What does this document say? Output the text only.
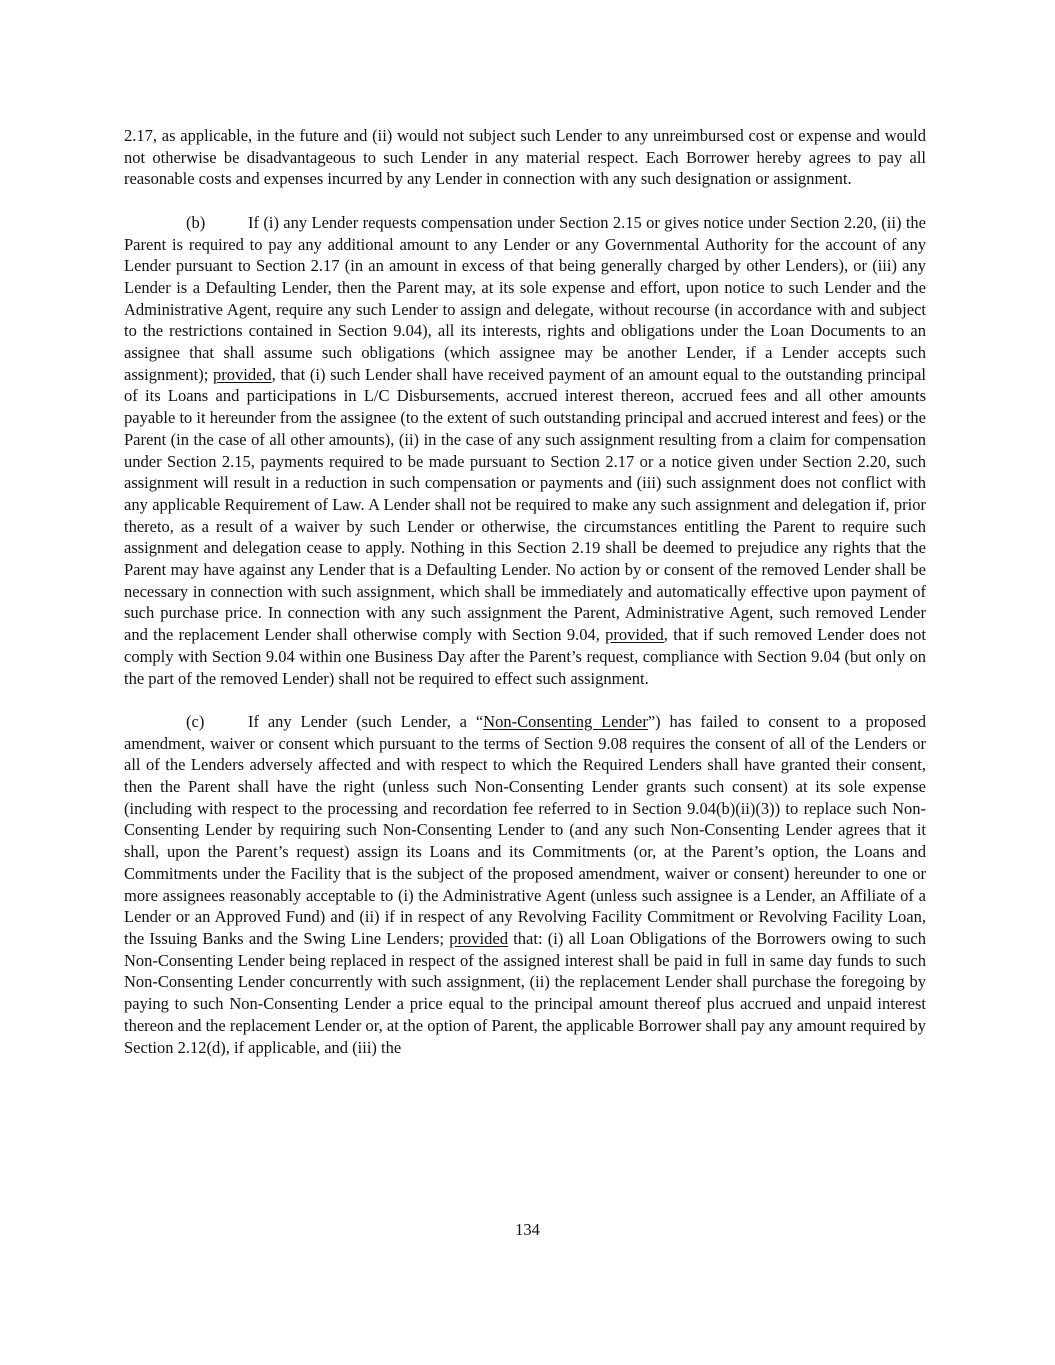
2.17, as applicable, in the future and (ii) would not subject such Lender to any unreimbursed cost or expense and would not otherwise be disadvantageous to such Lender in any material respect. Each Borrower hereby agrees to pay all reasonable costs and expenses incurred by any Lender in connection with any such designation or assignment.

(b)	If (i) any Lender requests compensation under Section 2.15 or gives notice under Section 2.20, (ii) the Parent is required to pay any additional amount to any Lender or any Governmental Authority for the account of any Lender pursuant to Section 2.17 (in an amount in excess of that being generally charged by other Lenders), or (iii) any Lender is a Defaulting Lender, then the Parent may, at its sole expense and effort, upon notice to such Lender and the Administrative Agent, require any such Lender to assign and delegate, without recourse (in accordance with and subject to the restrictions contained in Section 9.04), all its interests, rights and obligations under the Loan Documents to an assignee that shall assume such obligations (which assignee may be another Lender, if a Lender accepts such assignment); provided, that (i) such Lender shall have received payment of an amount equal to the outstanding principal of its Loans and participations in L/C Disbursements, accrued interest thereon, accrued fees and all other amounts payable to it hereunder from the assignee (to the extent of such outstanding principal and accrued interest and fees) or the Parent (in the case of all other amounts), (ii) in the case of any such assignment resulting from a claim for compensation under Section 2.15, payments required to be made pursuant to Section 2.17 or a notice given under Section 2.20, such assignment will result in a reduction in such compensation or payments and (iii) such assignment does not conflict with any applicable Requirement of Law. A Lender shall not be required to make any such assignment and delegation if, prior thereto, as a result of a waiver by such Lender or otherwise, the circumstances entitling the Parent to require such assignment and delegation cease to apply. Nothing in this Section 2.19 shall be deemed to prejudice any rights that the Parent may have against any Lender that is a Defaulting Lender. No action by or consent of the removed Lender shall be necessary in connection with such assignment, which shall be immediately and automatically effective upon payment of such purchase price. In connection with any such assignment the Parent, Administrative Agent, such removed Lender and the replacement Lender shall otherwise comply with Section 9.04, provided, that if such removed Lender does not comply with Section 9.04 within one Business Day after the Parent’s request, compliance with Section 9.04 (but only on the part of the removed Lender) shall not be required to effect such assignment.

(c)	If any Lender (such Lender, a “Non-Consenting Lender”) has failed to consent to a proposed amendment, waiver or consent which pursuant to the terms of Section 9.08 requires the consent of all of the Lenders or all of the Lenders adversely affected and with respect to which the Required Lenders shall have granted their consent, then the Parent shall have the right (unless such Non-Consenting Lender grants such consent) at its sole expense (including with respect to the processing and recordation fee referred to in Section 9.04(b)(ii)(3)) to replace such Non-Consenting Lender by requiring such Non-Consenting Lender to (and any such Non-Consenting Lender agrees that it shall, upon the Parent’s request) assign its Loans and its Commitments (or, at the Parent’s option, the Loans and Commitments under the Facility that is the subject of the proposed amendment, waiver or consent) hereunder to one or more assignees reasonably acceptable to (i) the Administrative Agent (unless such assignee is a Lender, an Affiliate of a Lender or an Approved Fund) and (ii) if in respect of any Revolving Facility Commitment or Revolving Facility Loan, the Issuing Banks and the Swing Line Lenders; provided that: (i) all Loan Obligations of the Borrowers owing to such Non-Consenting Lender being replaced in respect of the assigned interest shall be paid in full in same day funds to such Non-Consenting Lender concurrently with such assignment, (ii) the replacement Lender shall purchase the foregoing by paying to such Non-Consenting Lender a price equal to the principal amount thereof plus accrued and unpaid interest thereon and the replacement Lender or, at the option of Parent, the applicable Borrower shall pay any amount required by Section 2.12(d), if applicable, and (iii) the

134
